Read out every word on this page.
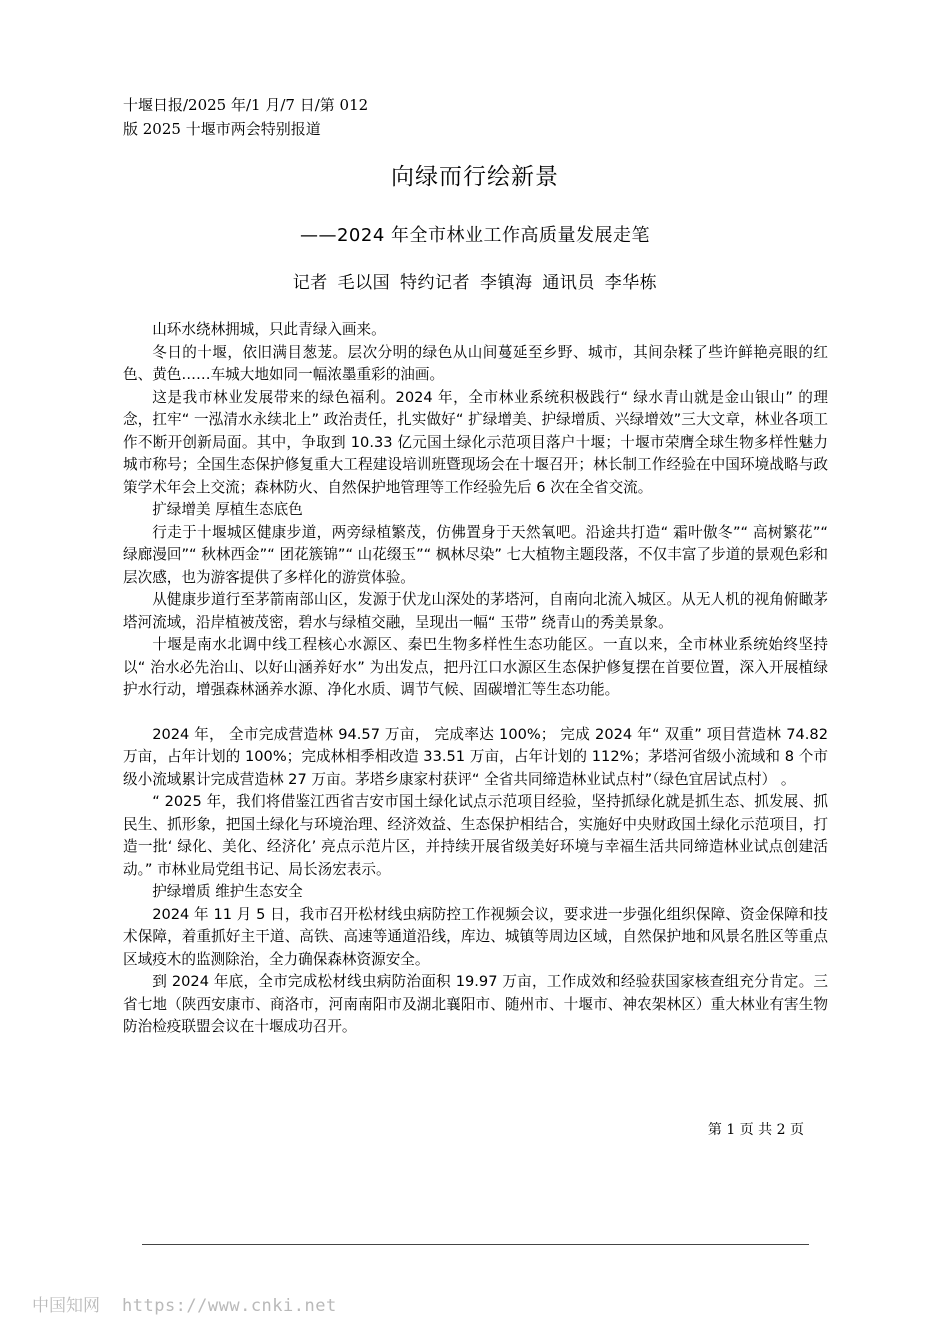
十堰日报/2025 年/1 月/7 日/第 012
版 2025 十堰市两会特别报道
向绿而行绘新景
——2024 年全市林业工作高质量发展走笔
记者 毛以国 特约记者 李镇海 通讯员 李华栋

山环水绕林拥城，只此青绿入画来。

冬日的十堰，依旧满目葱茏。层次分明的绿色从山间蔓延至乡野、城市，其间杂糅了些许鲜艳亮眼的红色、黄色……车城大地如同一幅浓墨重彩的油画。

这是我市林业发展带来的绿色福利。2024 年，全市林业系统积极践行“ 绿水青山就是金山银山” 的理念，扛牢“ 一泓清水永续北上” 政治责任，扎实做好“ 扩绿增美、护绿增质、兴绿增效”三大文章，林业各项工作不断开创新局面。其中，争取到 10.33 亿元国土绿化示范项目落户十堰；十堰市荣膺全球生物多样性魅力城市称号；全国生态保护修复重大工程建设培训班暨现场会在十堰召开；林长制工作经验在中国环境战略与政策学术年会上交流；森林防火、自然保护地管理等工作经验先后 6 次在全省交流。

扩绿增美 厚植生态底色

行走于十堰城区健康步道，两旁绿植繁茂，仿佛置身于天然氧吧。沿途共打造“ 霜叶傲冬”“ 高树繁花”“ 绿廊漫回”“ 秋林西金”“ 团花簇锦”“ 山花缀玉”“ 枫林尽染” 七大植物主题段落，不仅丰富了步道的景观色彩和层次感，也为游客提供了多样化的游赏体验。

从健康步道行至茅箭南部山区，发源于伏龙山深处的茅塔河，自南向北流入城区。从无人机的视角俯瞰茅塔河流域，沿岸植被茂密，碧水与绿植交融，呈现出一幅“ 玉带” 绕青山的秀美景象。

十堰是南水北调中线工程核心水源区、秦巴生物多样性生态功能区。一直以来，全市林业系统始终坚持以“ 治水必先治山、以好山涵养好水” 为出发点，把丹江口水源区生态保护修复摆在首要位置，深入开展植绿护水行动，增强森林涵养水源、净化水质、调节气候、固碳增汇等生态功能。

2024 年， 全市完成营造林 94.57 万亩， 完成率达 100%； 完成 2024 年“ 双重” 项目营造林 74.82 万亩，占年计划的 100%；完成林相季相改造 33.51 万亩，占年计划的 112%；茅塔河省级小流域和 8 个市级小流域累计完成营造林 27 万亩。茅塔乡康家村获评“ 全省共同缔造林业试点村”（绿色宜居试点村） 。

“ 2025 年，我们将借鉴江西省吉安市国土绿化试点示范项目经验，坚持抓绿化就是抓生态、抓发展、抓民生、抓形象，把国土绿化与环境治理、经济效益、生态保护相结合，实施好中央财政国土绿化示范项目，打造一批‘ 绿化、美化、经济化’ 亮点示范片区，并持续开展省级美好环境与幸福生活共同缔造林业试点创建活动。” 市林业局党组书记、局长汤宏表示。

护绿增质 维护生态安全

2024 年 11 月 5 日，我市召开松材线虫病防控工作视频会议，要求进一步强化组织保障、资金保障和技术保障，着重抓好主干道、高铁、高速等通道沿线，库边、城镇等周边区域，自然保护地和风景名胜区等重点区域疫木的监测除治，全力确保森林资源安全。

到 2024 年底，全市完成松材线虫病防治面积 19.97 万亩，工作成效和经验获国家核查组充分肯定。三省七地（陕西安康市、商洛市，河南南阳市及湖北襄阳市、随州市、十堰市、神农架林区）重大林业有害生物防治检疫联盟会议在十堰成功召开。

第 1 页 共 2 页
中国知网 https://www.cnki.net
